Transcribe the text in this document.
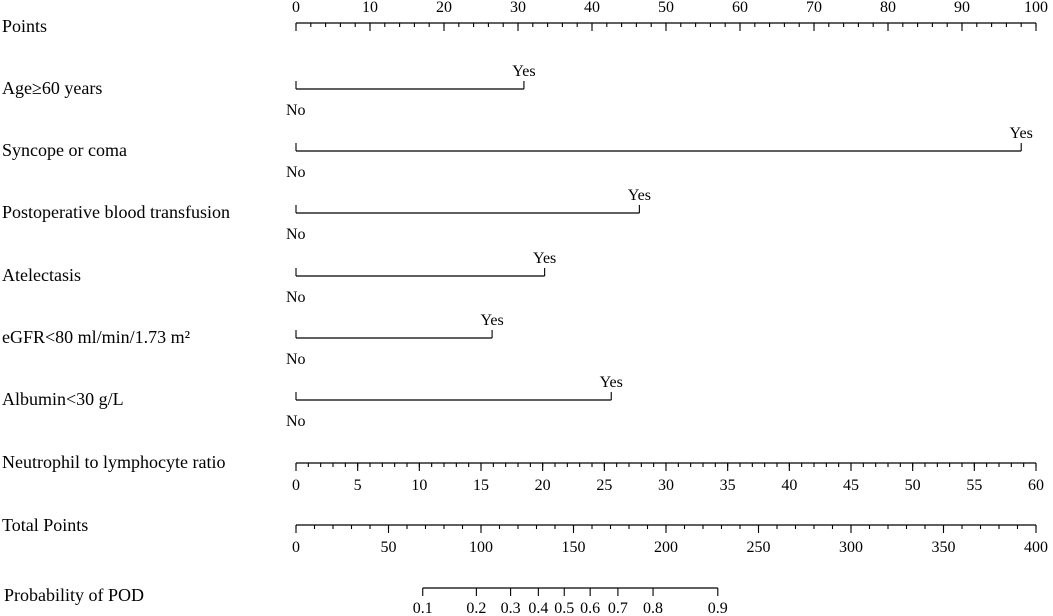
Points
Age≥60 years
Syncope or coma
Postoperative blood transfusion
Atelectasis
eGFR<80 ml/min/1.73 m²
Albumin<30 g/L
Neutrophil to lymphocyte ratio
Total Points
Probability of POD
0	10	20	30	40	50	60	70	80	90	100
No
Yes
No
Yes
No
Yes
No
Yes
No
Yes
No
Yes
0	5	10	15	20	25	30	35	40	45	50	55	60
0	50	100	150	200	250	300	350	400
0.1 0.2 0.3 0.4 0.5 0.6 0.7 0.8	0.9
